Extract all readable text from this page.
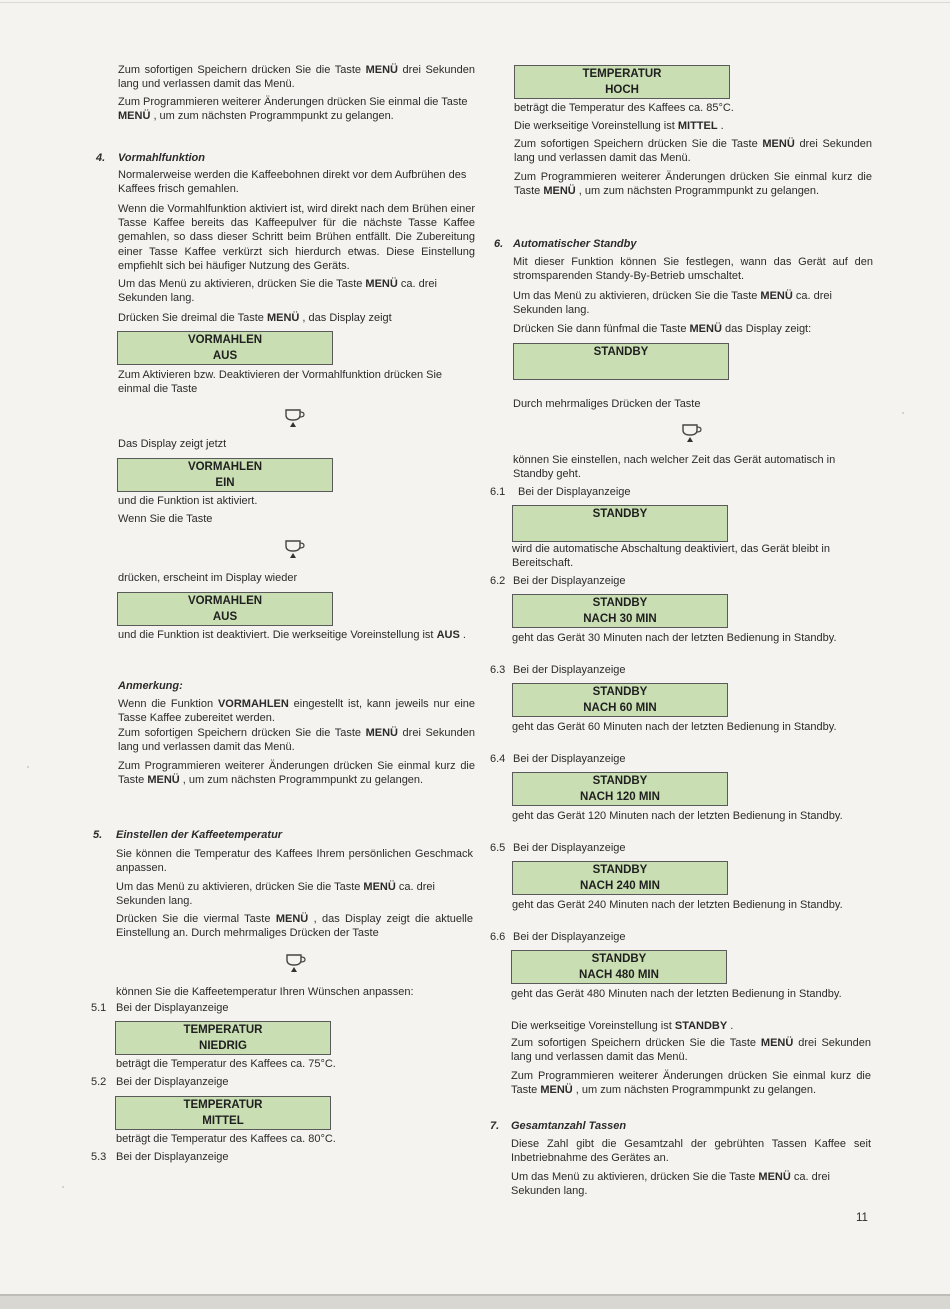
Zum sofortigen Speichern drücken Sie die Taste MENÜ drei Sekunden lang und verlassen damit das Menü.
Zum Programmieren weiterer Änderungen drücken Sie einmal die Taste MENÜ , um zum nächsten Programmpunkt zu gelangen.
4. Vormahlfunktion
Normalerweise werden die Kaffeebohnen direkt vor dem Aufbrühen des Kaffees frisch gemahlen.
Wenn die Vormahlfunktion aktiviert ist, wird direkt nach dem Brühen einer Tasse Kaffee bereits das Kaffeepulver für die nächste Tasse Kaffee gemahlen, so dass dieser Schritt beim Brühen entfällt. Die Zubereitung einer Tasse Kaffee verkürzt sich hierdurch etwas. Diese Einstellung empfiehlt sich bei häufiger Nutzung des Geräts.
Um das Menü zu aktivieren, drücken Sie die Taste MENÜ ca. drei Sekunden lang.
Drücken Sie dreimal die Taste MENÜ , das Display zeigt
VORMAHLEN
AUS
Zum Aktivieren bzw. Deaktivieren der Vormahlfunktion drücken Sie einmal die Taste
Das Display zeigt jetzt
VORMAHLEN
EIN
und die Funktion ist aktiviert.
Wenn Sie die Taste
drücken, erscheint im Display wieder
VORMAHLEN
AUS
und die Funktion ist deaktiviert. Die werkseitige Voreinstellung ist AUS .
Anmerkung:
Wenn die Funktion VORMAHLEN eingestellt ist, kann jeweils nur eine Tasse Kaffee zubereitet werden.
Zum sofortigen Speichern drücken Sie die Taste MENÜ drei Sekunden lang und verlassen damit das Menü.
Zum Programmieren weiterer Änderungen drücken Sie einmal kurz die Taste MENÜ , um zum nächsten Programmpunkt zu gelangen.
5. Einstellen der Kaffeetemperatur
Sie können die Temperatur des Kaffees Ihrem persönlichen Geschmack anpassen.
Um das Menü zu aktivieren, drücken Sie die Taste MENÜ ca. drei Sekunden lang.
Drücken Sie die viermal Taste MENÜ , das Display zeigt die aktuelle Einstellung an. Durch mehrmaliges Drücken der Taste
können Sie die Kaffeetemperatur Ihren Wünschen anpassen:
5.1 Bei der Displayanzeige
TEMPERATUR
NIEDRIG
beträgt die Temperatur des Kaffees ca. 75°C.
5.2 Bei der Displayanzeige
TEMPERATUR
MITTEL
beträgt die Temperatur des Kaffees ca. 80°C.
5.3 Bei der Displayanzeige
TEMPERATUR
HOCH
beträgt die Temperatur des Kaffees ca. 85°C.
Die werkseitige Voreinstellung ist MITTEL .
Zum sofortigen Speichern drücken Sie die Taste MENÜ drei Sekunden lang und verlassen damit das Menü.
Zum Programmieren weiterer Änderungen drücken Sie einmal kurz die Taste MENÜ , um zum nächsten Programmpunkt zu gelangen.
6. Automatischer Standby
Mit dieser Funktion können Sie festlegen, wann das Gerät auf den stromsparenden Standy-By-Betrieb umschaltet.
Um das Menü zu aktivieren, drücken Sie die Taste MENÜ ca. drei Sekunden lang.
Drücken Sie dann fünfmal die Taste MENÜ das Display zeigt:
STANDBY
Durch mehrmaliges Drücken der Taste
können Sie einstellen, nach welcher Zeit das Gerät automatisch in Standby geht.
6.1 Bei der Displayanzeige
STANDBY
wird die automatische Abschaltung deaktiviert, das Gerät bleibt in Bereitschaft.
6.2 Bei der Displayanzeige
STANDBY
NACH 30 MIN
geht das Gerät 30 Minuten nach der letzten Bedienung in Standby.
6.3 Bei der Displayanzeige
STANDBY
NACH 60 MIN
geht das Gerät 60 Minuten nach der letzten Bedienung in Standby.
6.4 Bei der Displayanzeige
STANDBY
NACH 120 MIN
geht das Gerät 120 Minuten nach der letzten Bedienung in Standby.
6.5 Bei der Displayanzeige
STANDBY
NACH 240 MIN
geht das Gerät 240 Minuten nach der letzten Bedienung in Standby.
6.6 Bei der Displayanzeige
STANDBY
NACH 480 MIN
geht das Gerät 480 Minuten nach der letzten Bedienung in Standby.
Die werkseitige Voreinstellung ist STANDBY .
Zum sofortigen Speichern drücken Sie die Taste MENÜ drei Sekunden lang und verlassen damit das Menü.
Zum Programmieren weiterer Änderungen drücken Sie einmal kurz die Taste MENÜ , um zum nächsten Programmpunkt zu gelangen.
7. Gesamtanzahl Tassen
Diese Zahl gibt die Gesamtzahl der gebrühten Tassen Kaffee seit Inbetriebnahme des Gerätes an.
Um das Menü zu aktivieren, drücken Sie die Taste MENÜ ca. drei Sekunden lang.
11
